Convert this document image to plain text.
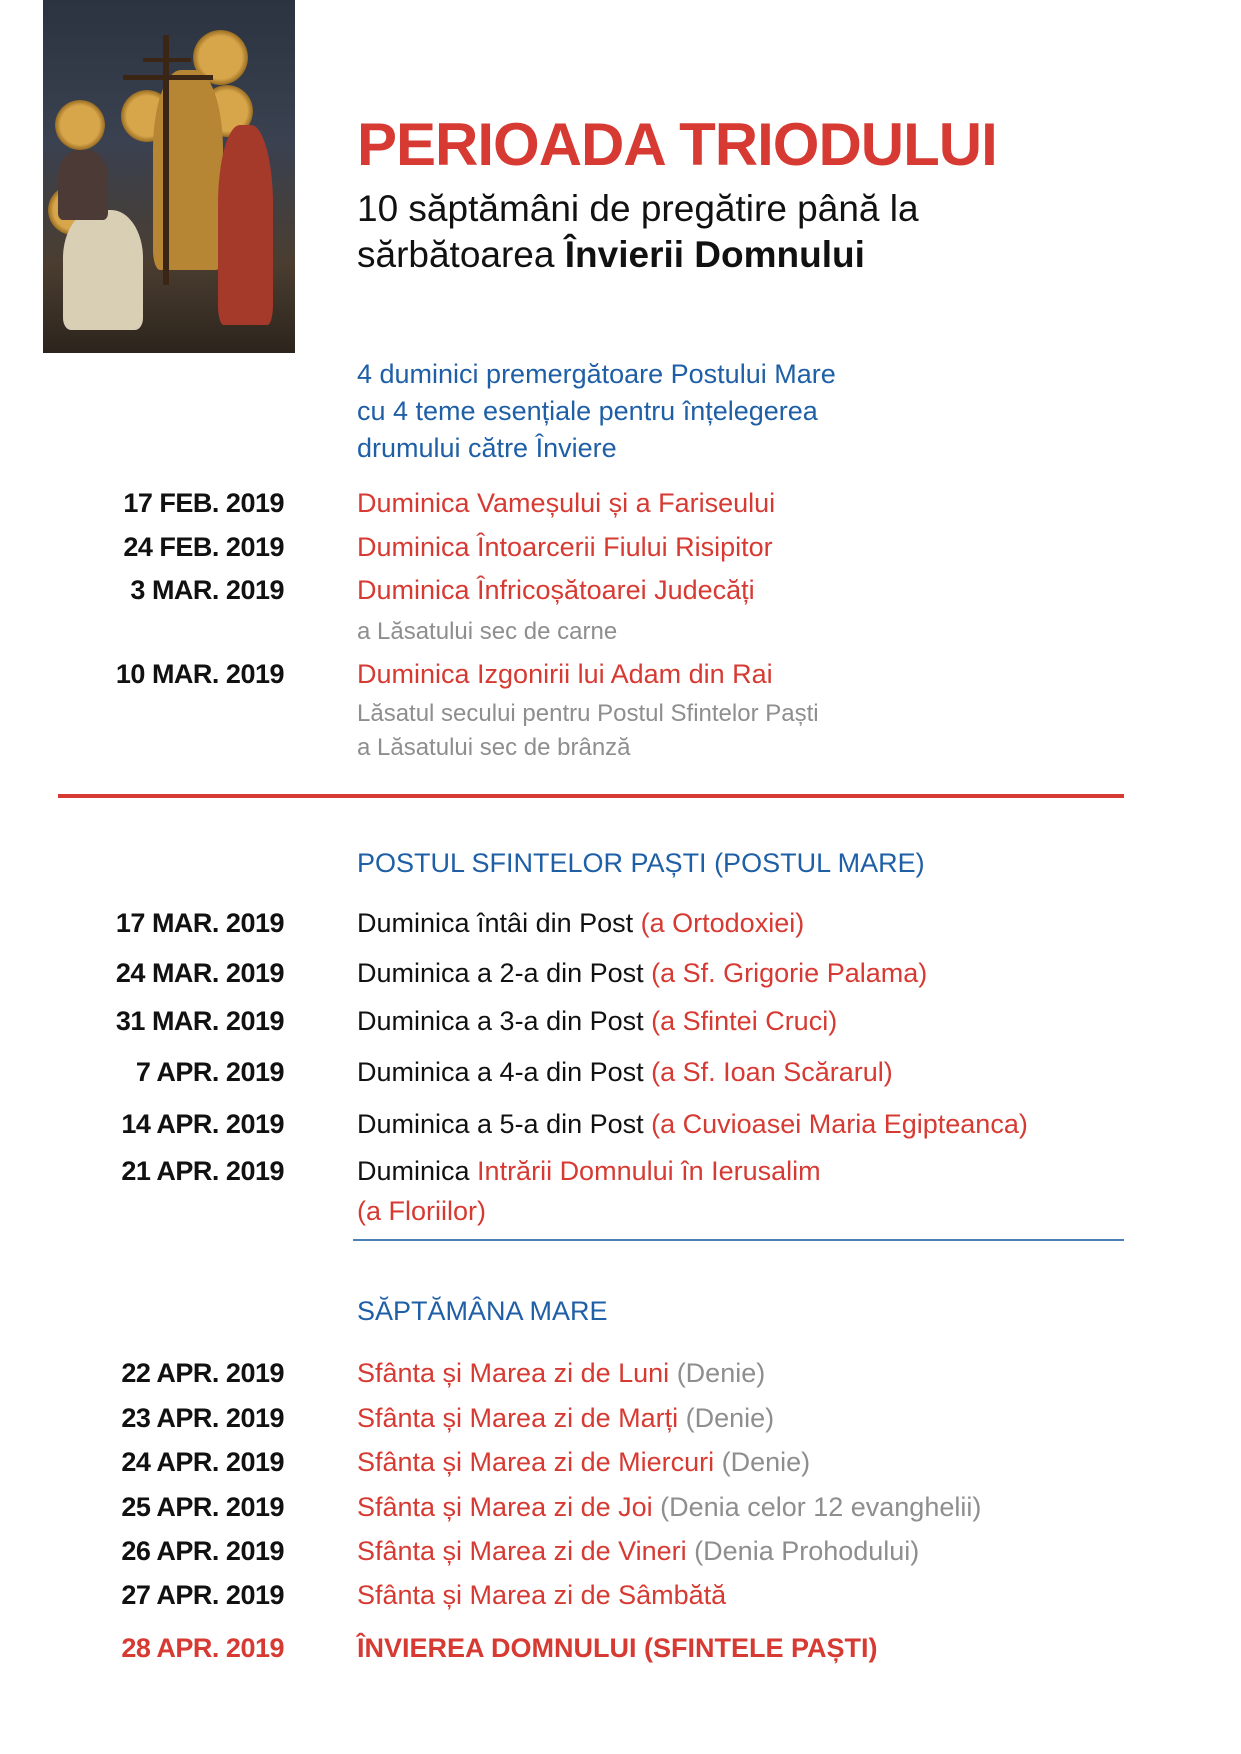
PERIOADA TRIODULUI
10 săptămâni de pregătire până la
sărbătoarea Învierii Domnului
4 duminici premergătoare Postului Mare
cu 4 teme esențiale pentru înțelegerea
drumului către Înviere
17 FEB. 2019	Duminica Vameșului și a Fariseului
24 FEB. 2019	Duminica Întoarcerii Fiului Risipitor
3 MAR. 2019	Duminica Înfricoșătoarei Judecăți
a Lăsatului sec de carne
10 MAR. 2019	Duminica Izgonirii lui Adam din Rai
Lăsatul secului pentru Postul Sfintelor Paști
a Lăsatului sec de brânză
POSTUL SFINTELOR PAȘTI (POSTUL MARE)
17 MAR. 2019	Duminica întâi din Post (a Ortodoxiei)
24 MAR. 2019	Duminica a 2-a din Post (a Sf. Grigorie Palama)
31 MAR. 2019	Duminica a 3-a din Post (a Sfintei Cruci)
7 APR. 2019	Duminica a 4-a din Post (a Sf. Ioan Scărarul)
14 APR. 2019	Duminica a 5-a din Post (a Cuvioasei Maria Egipteanca)
21 APR. 2019	Duminica Intrării Domnului în Ierusalim
(a Floriilor)
SĂPTĂMÂNA MARE
22 APR. 2019	Sfânta și Marea zi de Luni (Denie)
23 APR. 2019	Sfânta și Marea zi de Marți (Denie)
24 APR. 2019	Sfânta și Marea zi de Miercuri (Denie)
25 APR. 2019	Sfânta și Marea zi de Joi (Denia celor 12 evanghelii)
26 APR. 2019	Sfânta și Marea zi de Vineri (Denia Prohodului)
27 APR. 2019	Sfânta și Marea zi de Sâmbătă
28 APR. 2019	ÎNVIEREA DOMNULUI (SFINTELE PAȘTI)
